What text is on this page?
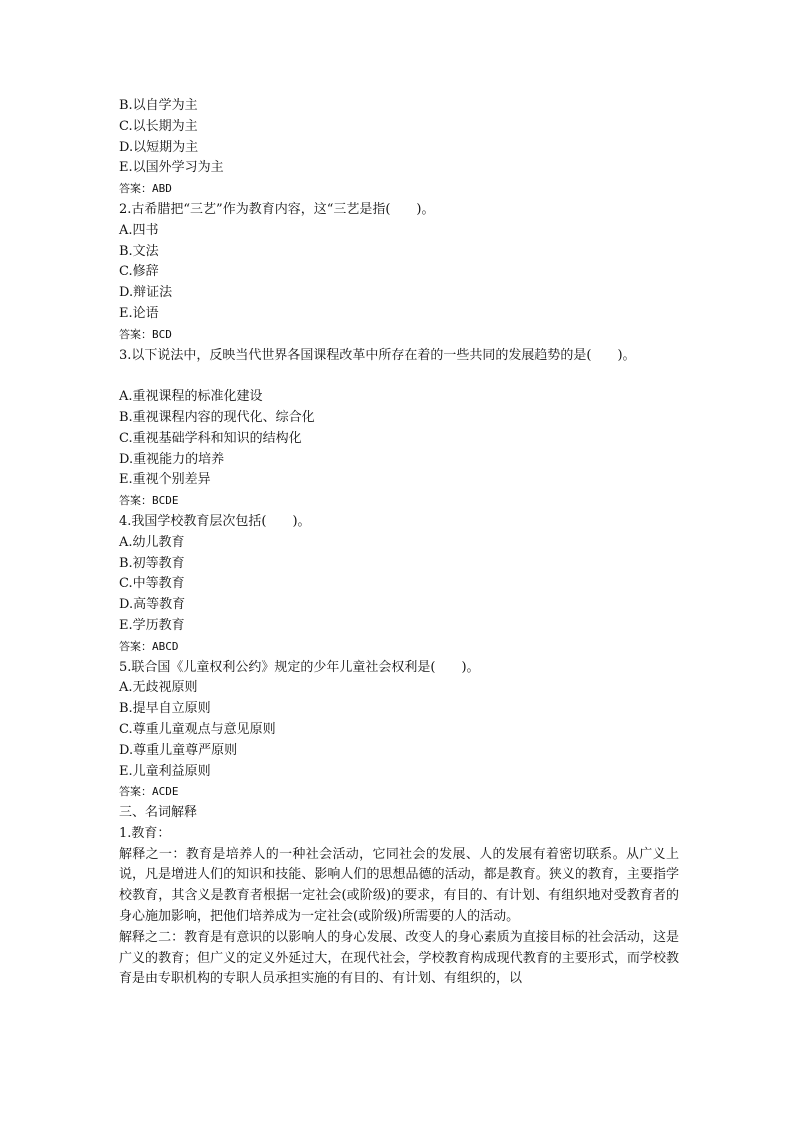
B.以自学为主
C.以长期为主
D.以短期为主
E.以国外学习为主
答案：ABD
2.古希腊把“三艺”作为教育内容，这“三艺是指(　　)。
A.四书
B.文法
C.修辞
D.辩证法
E.论语
答案：BCD
3.以下说法中，反映当代世界各国课程改革中所存在着的一些共同的发展趋势的是(　　)。
A.重视课程的标准化建设
B.重视课程内容的现代化、综合化
C.重视基础学科和知识的结构化
D.重视能力的培养
E.重视个别差异
答案：BCDE
4.我国学校教育层次包括(　　)。
A.幼儿教育
B.初等教育
C.中等教育
D.高等教育
E.学历教育
答案：ABCD
5.联合国《儿童权利公约》规定的少年儿童社会权利是(　　)。
A.无歧视原则
B.提早自立原则
C.尊重儿童观点与意见原则
D.尊重儿童尊严原则
E.儿童利益原则
答案：ACDE
三、名词解释
1.教育：
解释之一：教育是培养人的一种社会活动，它同社会的发展、人的发展有着密切联系。从广义上说，凡是增进人们的知识和技能、影响人们的思想品德的活动，都是教育。狭义的教育，主要指学校教育，其含义是教育者根据一定社会(或阶级)的要求，有目的、有计划、有组织地对受教育者的身心施加影响，把他们培养成为一定社会(或阶级)所需要的人的活动。
解释之二：教育是有意识的以影响人的身心发展、改变人的身心素质为直接目标的社会活动，这是广义的教育；但广义的定义外延过大，在现代社会，学校教育构成现代教育的主要形式，而学校教育是由专职机构的专职人员承担实施的有目的、有计划、有组织的，以
